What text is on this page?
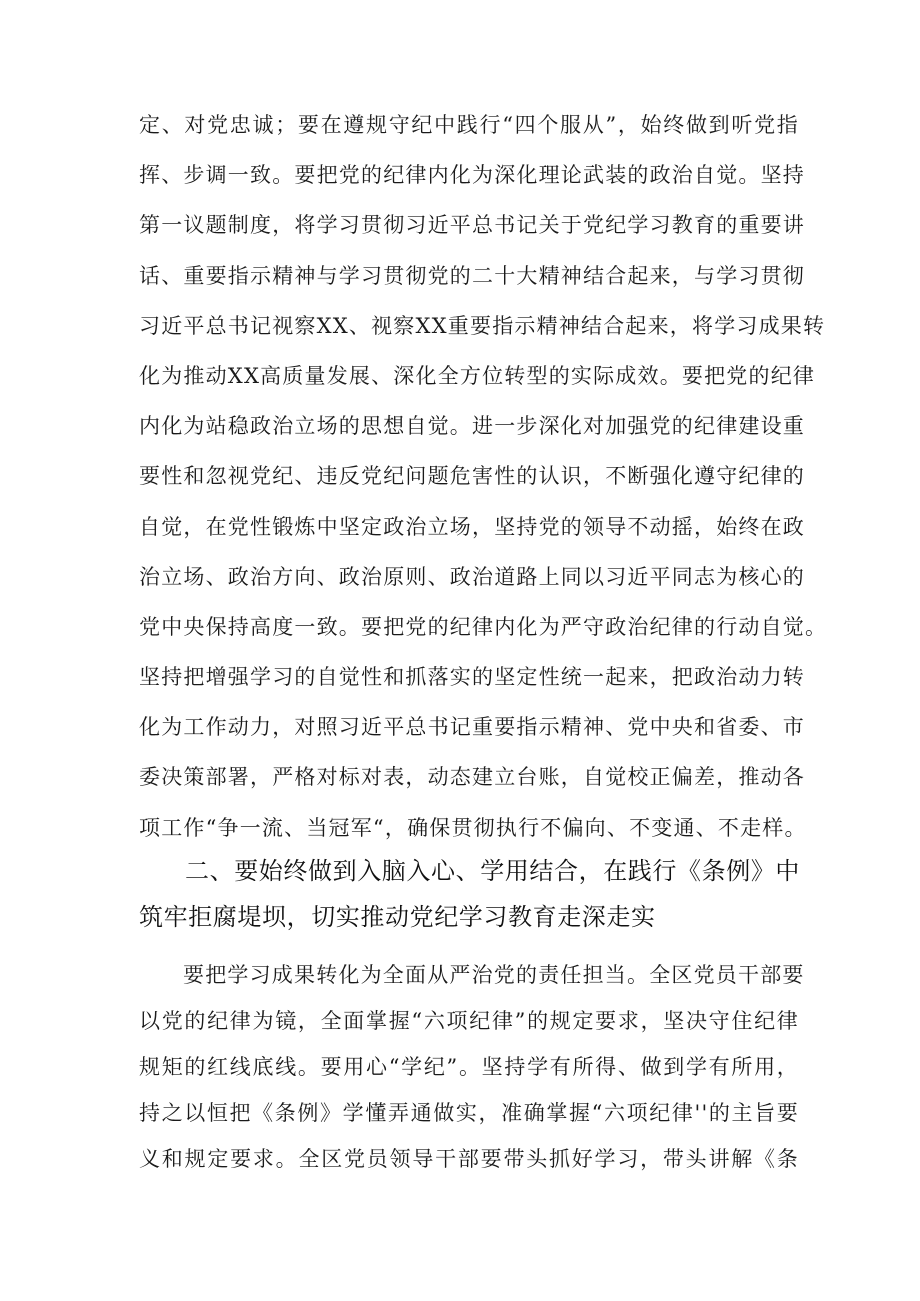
定、对党忠诚；要在遵规守纪中践行“四个服从”，始终做到听党指
挥、步调一致。要把党的纪律内化为深化理论武装的政治自觉。坚持
第一议题制度，将学习贯彻习近平总书记关于党纪学习教育的重要讲
话、重要指示精神与学习贯彻党的二十大精神结合起来，与学习贯彻
习近平总书记视察XX、视察XX重要指示精神结合起来，将学习成果转
化为推动XX高质量发展、深化全方位转型的实际成效。要把党的纪律
内化为站稳政治立场的思想自觉。进一步深化对加强党的纪律建设重
要性和忽视党纪、违反党纪问题危害性的认识，不断强化遵守纪律的
自觉，在党性锻炼中坚定政治立场，坚持党的领导不动摇，始终在政
治立场、政治方向、政治原则、政治道路上同以习近平同志为核心的
党中央保持高度一致。要把党的纪律内化为严守政治纪律的行动自觉。
坚持把增强学习的自觉性和抓落实的坚定性统一起来，把政治动力转
化为工作动力，对照习近平总书记重要指示精神、党中央和省委、市
委决策部署，严格对标对表，动态建立台账，自觉校正偏差，推动各
项工作“争一流、当冠军“，确保贯彻执行不偏向、不变通、不走样。
二、要始终做到入脑入心、学用结合，在践行《条例》中
筑牢拒腐堤坝，切实推动党纪学习教育走深走实
要把学习成果转化为全面从严治党的责任担当。全区党员干部要
以党的纪律为镜，全面掌握“六项纪律”的规定要求，坚决守住纪律
规矩的红线底线。要用心“学纪”。坚持学有所得、做到学有所用，
持之以恒把《条例》学懂弄通做实，准确掌握“六项纪律''的主旨要
义和规定要求。全区党员领导干部要带头抓好学习，带头讲解《条
